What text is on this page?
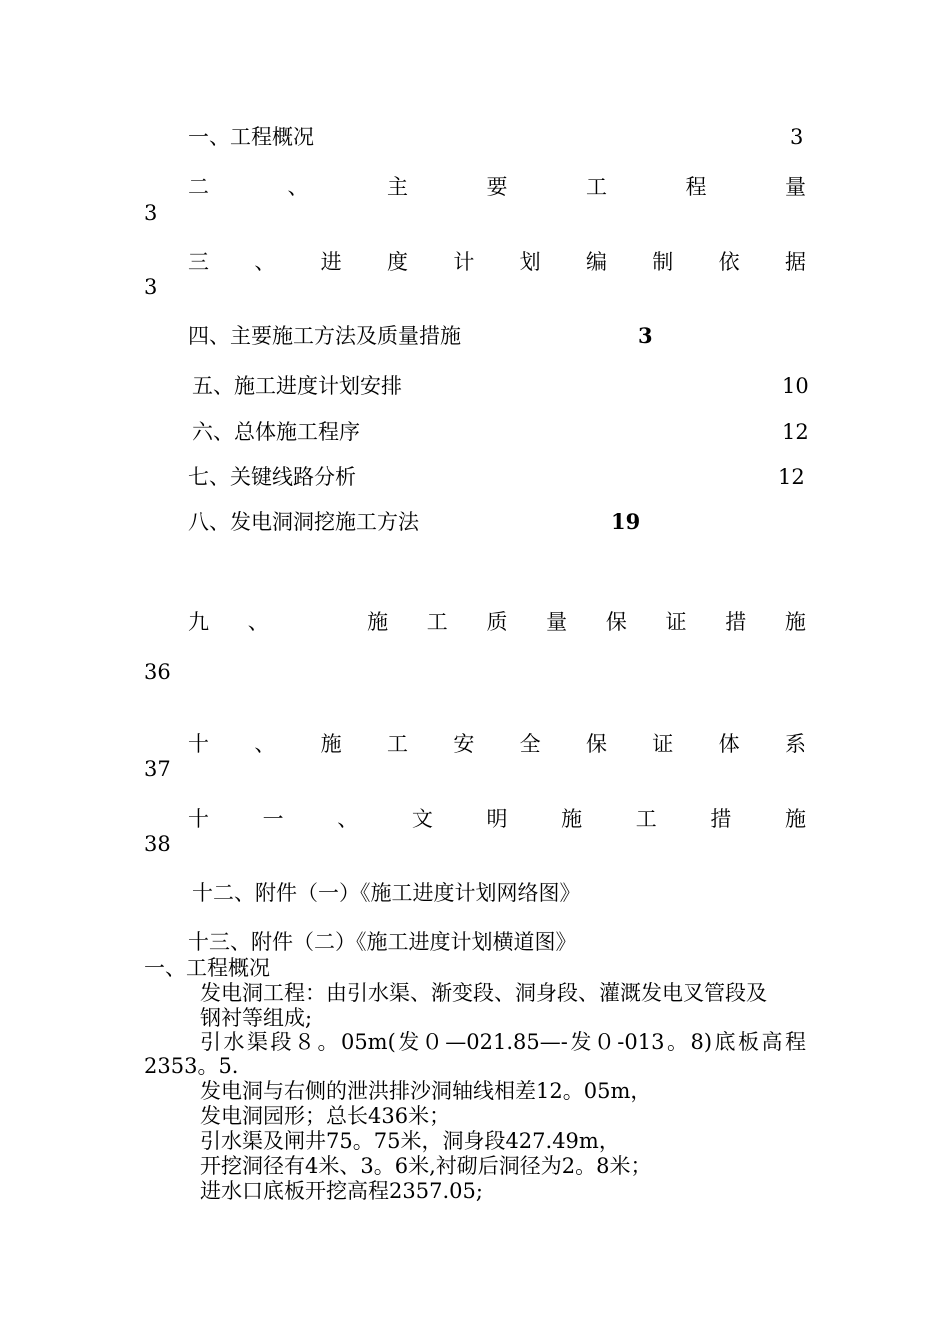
一、工程概况	3
二	、	主	要	工	程	量
3
三 、 进 度 计 划 编 制 依 据
3
四、主要施工方法及质量措施	3
五、施工进度计划安排	10
六、总体施工程序	12
七、关键线路分析	12
八、发电洞洞挖施工方法	19
九 、	施 工 质 量 保 证 措 施
36
十 、 施 工 安 全 保 证 体 系
37
十	一	、	文	明	施	工	措	施
38
十二、附件（一）《施工进度计划网络图》
十三、附件（二）《施工进度计划横道图》
一、工程概况
发电洞工程：由引水渠、渐变段、洞身段、灌溉发电叉管段及
钢衬等组成;
引水渠段８。05m(发０—021.85—-发０-013。8)底板高程
2353。5.
发电洞与右侧的泄洪排沙洞轴线相差12。05m，
发电洞园形；总长436米；
引水渠及闸井75。75米，洞身段427.49m，
开挖洞径有4米、3。6米,衬砌后洞径为2。8米；
进水口底板开挖高程2357.05;
